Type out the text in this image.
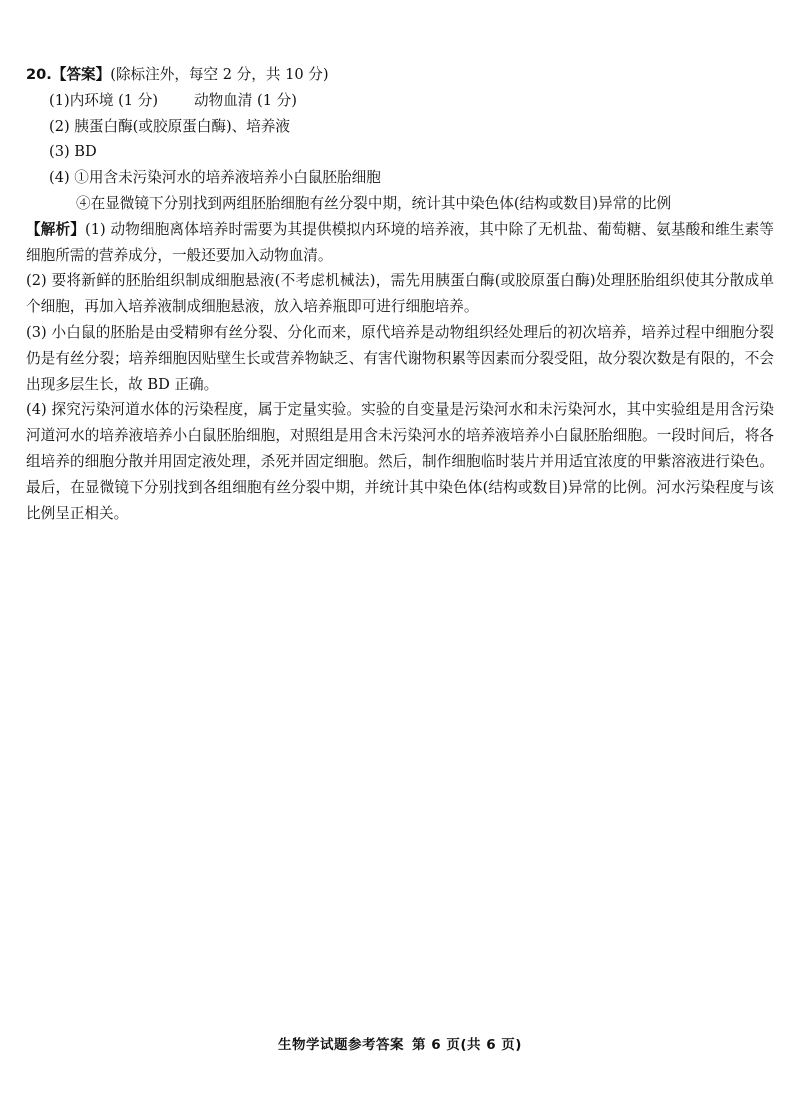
20.【答案】(除标注外，每空 2 分，共 10 分)
(1)内环境 (1 分) 动物血清 (1 分)
(2) 胰蛋白酶(或胶原蛋白酶)、培养液
(3) BD
(4) ①用含未污染河水的培养液培养小白鼠胚胎细胞
④在显微镜下分别找到两组胚胎细胞有丝分裂中期，统计其中染色体(结构或数目)异常的比例
【解析】(1) 动物细胞离体培养时需要为其提供模拟内环境的培养液，其中除了无机盐、葡萄糖、氨基酸和维生素等细胞所需的营养成分，一般还要加入动物血清。
(2) 要将新鲜的胚胎组织制成细胞悬液(不考虑机械法)，需先用胰蛋白酶(或胶原蛋白酶)处理胚胎组织使其分散成单个细胞，再加入培养液制成细胞悬液，放入培养瓶即可进行细胞培养。
(3) 小白鼠的胚胎是由受精卵有丝分裂、分化而来，原代培养是动物组织经处理后的初次培养，培养过程中细胞分裂仍是有丝分裂；培养细胞因贴壁生长或营养物缺乏、有害代谢物积累等因素而分裂受阻，故分裂次数是有限的，不会出现多层生长，故 BD 正确。
(4) 探究污染河道水体的污染程度，属于定量实验。实验的自变量是污染河水和未污染河水，其中实验组是用含污染河道河水的培养液培养小白鼠胚胎细胞，对照组是用含未污染河水的培养液培养小白鼠胚胎细胞。一段时间后，将各组培养的细胞分散并用固定液处理，杀死并固定细胞。然后，制作细胞临时装片并用适宜浓度的甲紫溶液进行染色。最后，在显微镜下分别找到各组细胞有丝分裂中期，并统计其中染色体(结构或数目)异常的比例。河水污染程度与该比例呈正相关。
生物学试题参考答案 第 6 页(共 6 页)
